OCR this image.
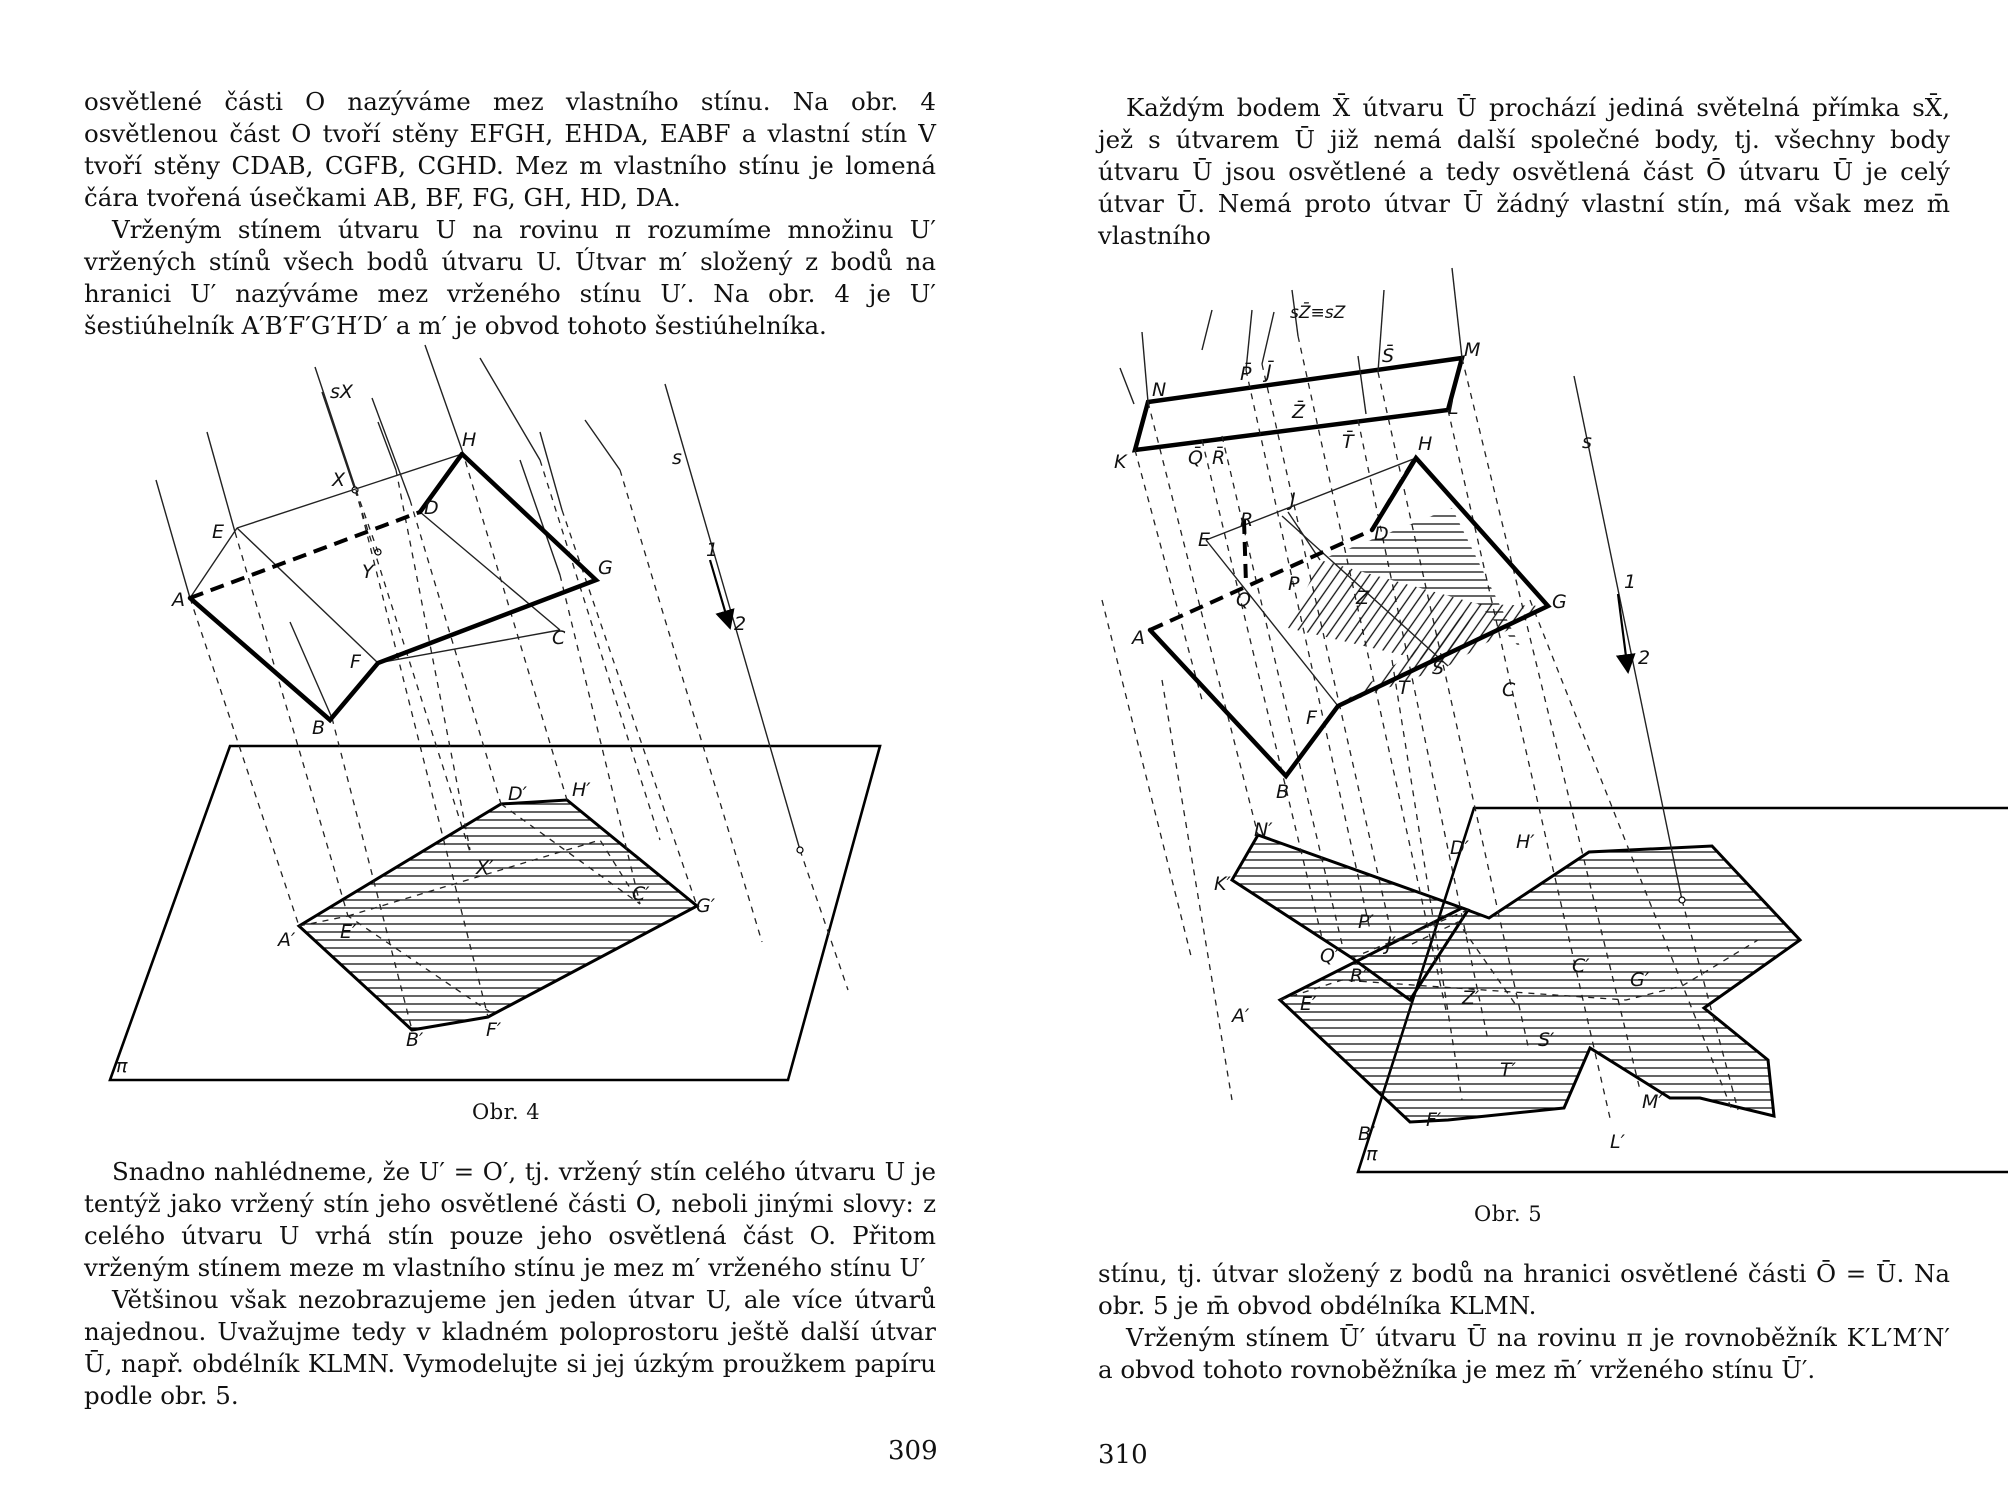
osvětlené části O nazýváme mez vlastního stínu. Na obr. 4 osvětlenou část O tvoří stěny EFGH, EHDA, EABF a vlastní stín V tvoří stěny CDAB, CGFB, CGHD. Mez m vlastního stínu je lomená čára tvořená úsečkami AB, BF, FG, GH, HD, DA.

Vrženým stínem útvaru U na rovinu π rozumíme množinu U′ vržených stínů všech bodů útvaru U. Útvar m′ složený z bodů na hranici U′ nazýváme mez vrženého stínu U′. Na obr. 4 je U′ šestiúhelník A′B′F′G′H′D′ a m′ je obvod tohoto šestiúhelníka.

sX
s
1
2
X
Y
H
D
E
G
A
C
F
B
D′ H′
X′
C′
G′
A′ E′
B′	F′
π
Obr. 4

Snadno nahlédneme, že U′ = O′, tj. vržený stín celého útvaru U je tentýž jako vržený stín jeho osvětlené části O, neboli jinými slovy: z celého útvaru U vrhá stín pouze jeho osvětlená část O. Přitom vrženým stínem meze m vlastního stínu je mez m′ vrženého stínu U′

Většinou však nezobrazujeme jen jeden útvar U, ale více útvarů najednou. Uvažujme tedy v kladném poloprostoru ještě další útvar Ū, např. obdélník KLMN. Vymodelujte si jej úzkým proužkem papíru podle obr. 5.

309

Každým bodem X̄ útvaru Ū prochází jediná světelná přímka sX̄, jež s útvarem Ū již nemá další společné body, tj. všechny body útvaru Ū jsou osvětlené a tedy osvětlená část Ō útvaru Ū je celý útvar Ū. Nemá proto útvar Ū žádný vlastní stín, má však mez m̄ vlastního

sZ̄≡sZ
s
1
2
N
P̄ J̄
S̄	M
Z̄	L
K	Q̄ R̄
T̄	H
E
R
J
D
Q
P
Z	G
A
S
T	C
F
B
N′
D′ H′
K′
P′
J′
Q′
R′	C′
G′
A′
E′	Z′
S′
T′
M′
B′
F′
L′
π
Obr. 5

stínu, tj. útvar složený z bodů na hranici osvětlené části Ō = Ū. Na obr. 5 je m̄ obvod obdélníka KLMN.

Vrženým stínem Ū′ útvaru Ū na rovinu π je rovnoběžník K′L′M′N′ a obvod tohoto rovnoběžníka je mez m̄′ vrženého stínu Ū′.

310
